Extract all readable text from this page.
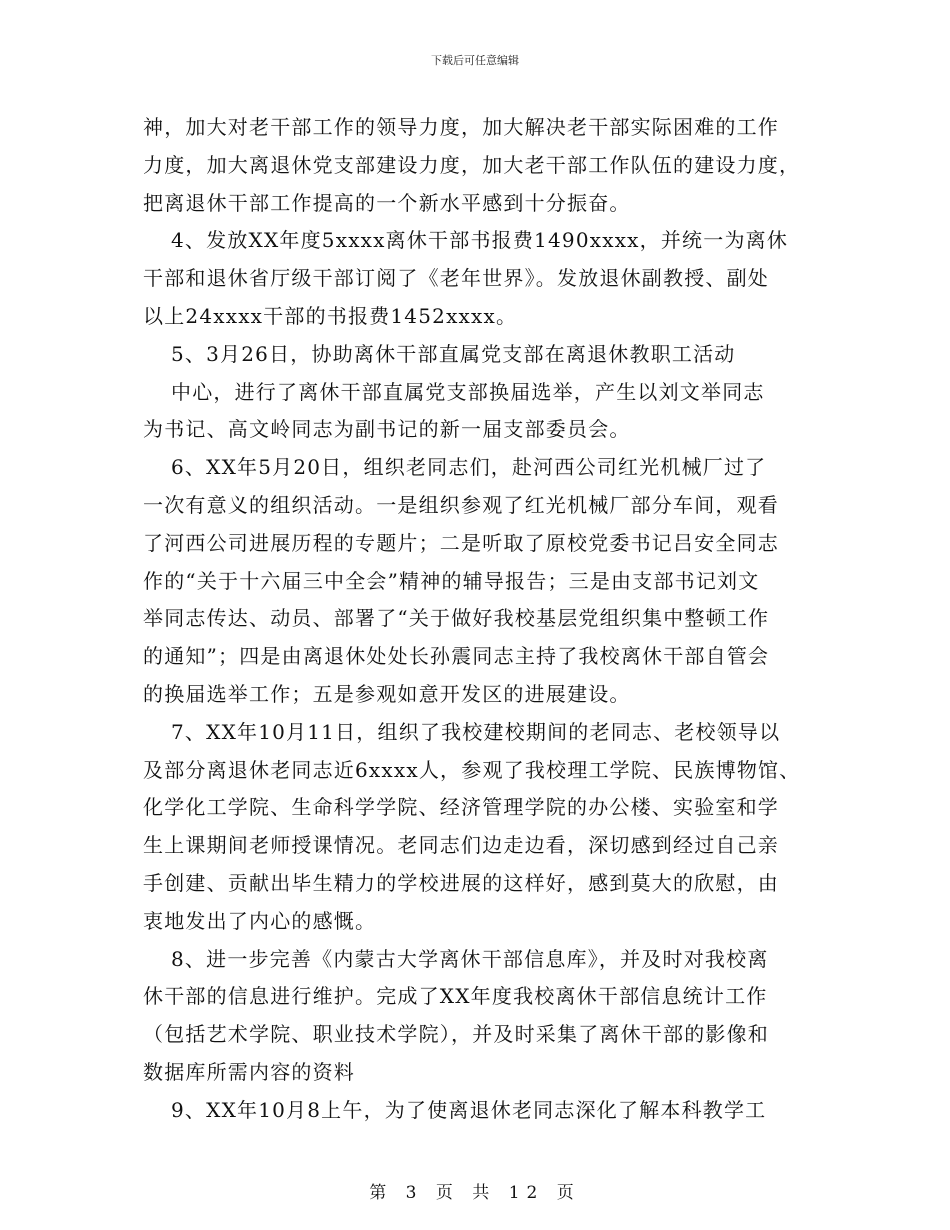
下载后可任意编辑
神，加大对老干部工作的领导力度，加大解决老干部实际困难的工作
力度，加大离退休党支部建设力度，加大老干部工作队伍的建设力度，
把离退休干部工作提高的一个新水平感到十分振奋。
4、发放XX年度5xxxx离休干部书报费1490xxxx，并统一为离休
干部和退休省厅级干部订阅了《老年世界》。发放退休副教授、副处
以上24xxxx干部的书报费1452xxxx。
5、3月26日，协助离休干部直属党支部在离退休教职工活动
中心，进行了离休干部直属党支部换届选举，产生以刘文举同志
为书记、高文岭同志为副书记的新一届支部委员会。
6、XX年5月20日，组织老同志们，赴河西公司红光机械厂过了
一次有意义的组织活动。一是组织参观了红光机械厂部分车间，观看
了河西公司进展历程的专题片；二是听取了原校党委书记吕安全同志
作的“关于十六届三中全会”精神的辅导报告；三是由支部书记刘文
举同志传达、动员、部署了“关于做好我校基层党组织集中整顿工作
的通知”；四是由离退休处处长孙震同志主持了我校离休干部自管会
的换届选举工作；五是参观如意开发区的进展建设。
7、XX年10月11日，组织了我校建校期间的老同志、老校领导以
及部分离退休老同志近6xxxx人，参观了我校理工学院、民族博物馆、
化学化工学院、生命科学学院、经济管理学院的办公楼、实验室和学
生上课期间老师授课情况。老同志们边走边看，深切感到经过自己亲
手创建、贡献出毕生精力的学校进展的这样好，感到莫大的欣慰，由
衷地发出了内心的感慨。
8、进一步完善《内蒙古大学离休干部信息库》，并及时对我校离
休干部的信息进行维护。完成了XX年度我校离休干部信息统计工作
（包括艺术学院、职业技术学院），并及时采集了离休干部的影像和
数据库所需内容的资料
9、XX年10月8上午，为了使离退休老同志深化了解本科教学工
第 3 页 共 12 页
